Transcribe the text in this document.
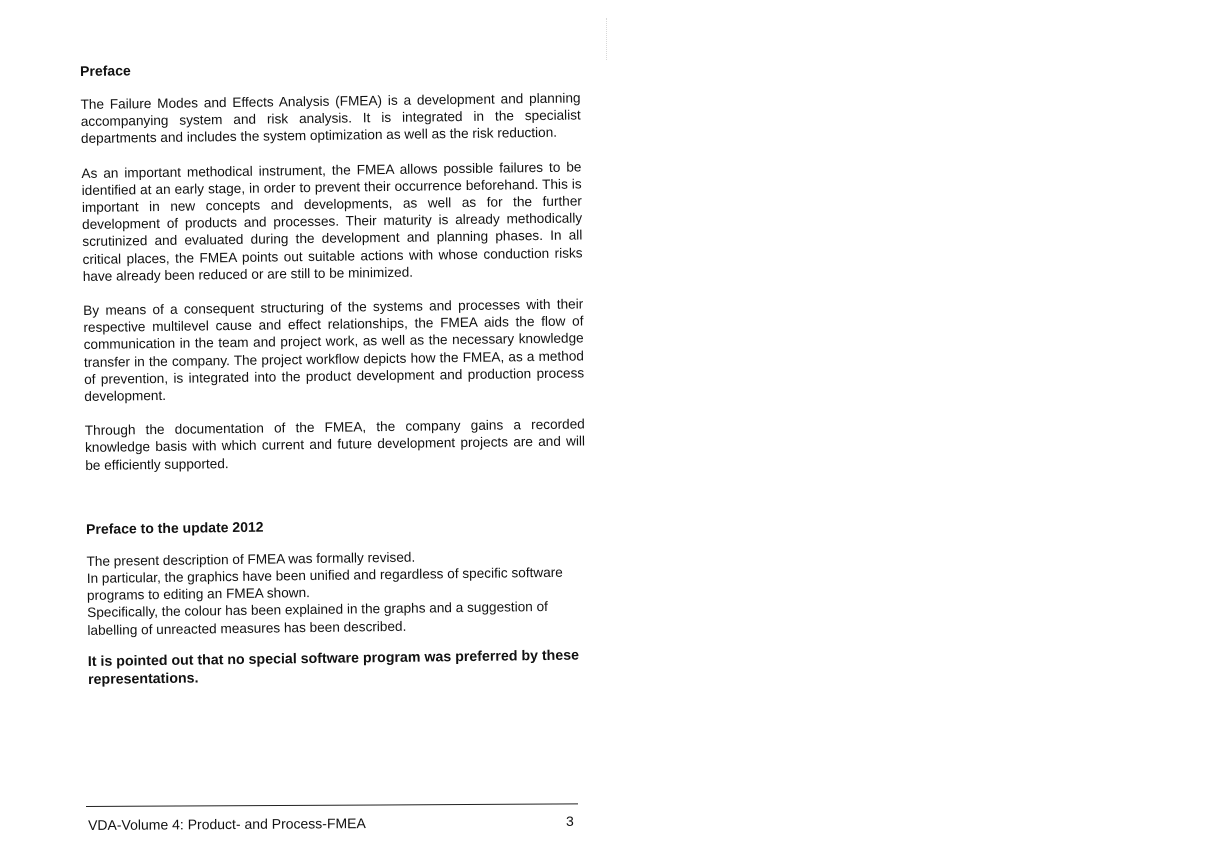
Preface

The Failure Modes and Effects Analysis (FMEA) is a development and planning accompanying system and risk analysis. It is integrated in the specialist departments and includes the system optimization as well as the risk reduction.

As an important methodical instrument, the FMEA allows possible failures to be identified at an early stage, in order to prevent their occurrence beforehand. This is important in new concepts and developments, as well as for the further development of products and processes. Their maturity is already methodically scrutinized and evaluated during the development and planning phases. In all critical places, the FMEA points out suitable actions with whose conduction risks have already been reduced or are still to be minimized.

By means of a consequent structuring of the systems and processes with their respective multilevel cause and effect relationships, the FMEA aids the flow of communication in the team and project work, as well as the necessary knowledge transfer in the company. The project workflow depicts how the FMEA, as a method of prevention, is integrated into the product development and production process development.

Through the documentation of the FMEA, the company gains a recorded knowledge basis with which current and future development projects are and will be efficiently supported.

Preface to the update 2012

The present description of FMEA was formally revised.

In particular, the graphics have been unified and regardless of specific software programs to editing an FMEA shown.

Specifically, the colour has been explained in the graphs and a suggestion of labelling of unreacted measures has been described.

It is pointed out that no special software program was preferred by these representations.

VDA-Volume 4: Product- and Process-FMEA	3
